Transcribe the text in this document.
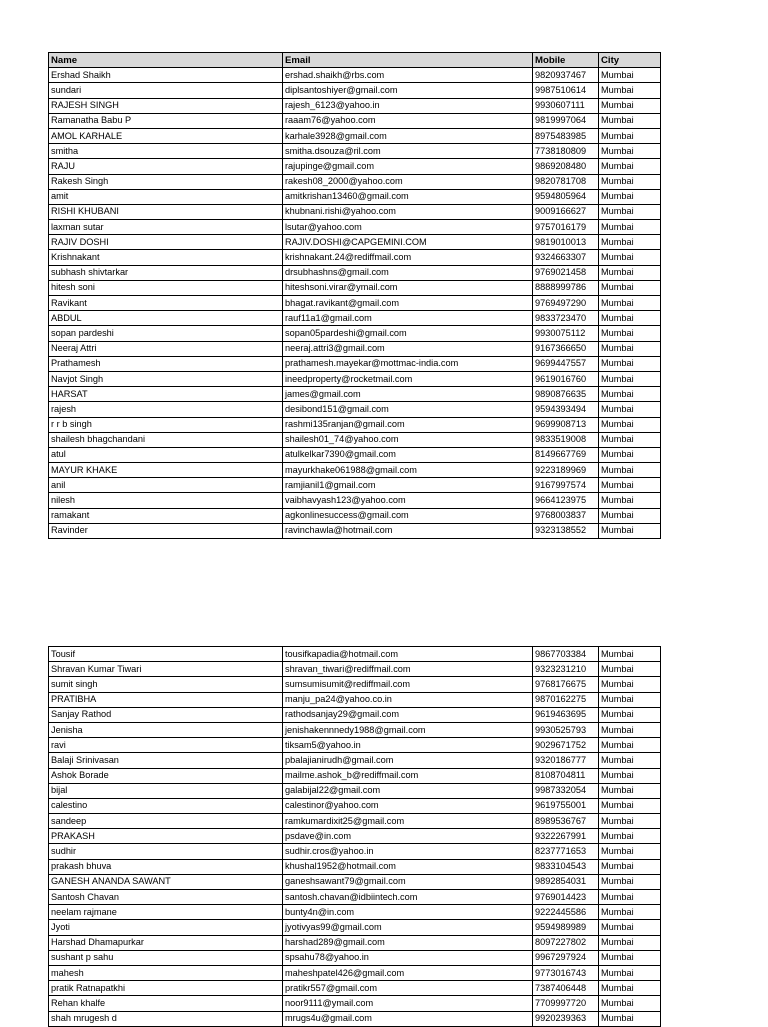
Name	Email	Mobile	City
Ershad Shaikh	ershad.shaikh@rbs.com	9820937467	Mumbai
sundari	diplsantoshiyer@gmail.com	9987510614	Mumbai
RAJESH SINGH	rajesh_6123@yahoo.in	9930607111	Mumbai
Ramanatha Babu P	raaam76@yahoo.com	9819997064	Mumbai
AMOL KARHALE	karhale3928@gmail.com	8975483985	Mumbai
smitha	smitha.dsouza@ril.com	7738180809	Mumbai
RAJU	rajupinge@gmail.com	9869208480	Mumbai
Rakesh Singh	rakesh08_2000@yahoo.com	9820781708	Mumbai
amit	amitkrishan13460@gmail.com	9594805964	Mumbai
RISHI KHUBANI	khubnani.rishi@yahoo.com	9009166627	Mumbai
laxman sutar	lsutar@yahoo.com	9757016179	Mumbai
RAJIV DOSHI	RAJIV.DOSHI@CAPGEMINI.COM	9819010013	Mumbai
Krishnakant	krishnakant.24@rediffmail.com	9324663307	Mumbai
subhash shivtarkar	drsubhashns@gmail.com	9769021458	Mumbai
hitesh soni	hiteshsoni.virar@ymail.com	8888999786	Mumbai
Ravikant	bhagat.ravikant@gmail.com	9769497290	Mumbai
ABDUL	rauf11a1@gmail.com	9833723470	Mumbai
sopan pardeshi	sopan05pardeshi@gmail.com	9930075112	Mumbai
Neeraj Attri	neeraj.attri3@gmail.com	9167366650	Mumbai
Prathamesh	prathamesh.mayekar@mottmac-india.com	9699447557	Mumbai
Navjot Singh	ineedproperty@rocketmail.com	9619016760	Mumbai
HARSAT	james@gmail.com	9890876635	Mumbai
rajesh	desibond151@gmail.com	9594393494	Mumbai
r r b singh	rashmi135ranjan@gmail.com	9699908713	Mumbai
shailesh bhagchandani	shailesh01_74@yahoo.com	9833519008	Mumbai
atul	atulkelkar7390@gmail.com	8149667769	Mumbai
MAYUR KHAKE	mayurkhake061988@gmail.com	9223189969	Mumbai
anil	ramjianil1@gmail.com	9167997574	Mumbai
nilesh	vaibhavyash123@yahoo.com	9664123975	Mumbai
ramakant	agkonlinesuccess@gmail.com	9768003837	Mumbai
Ravinder	ravinchawla@hotmail.com	9323138552	Mumbai
Tousif	tousifkapadia@hotmail.com	9867703384	Mumbai
Shravan Kumar Tiwari	shravan_tiwari@rediffmail.com	9323231210	Mumbai
sumit singh	sumsumisumit@rediffmail.com	9768176675	Mumbai
PRATIBHA	manju_pa24@yahoo.co.in	9870162275	Mumbai
Sanjay Rathod	rathodsanjay29@gmail.com	9619463695	Mumbai
Jenisha	jenishakennnedy1988@gmail.com	9930525793	Mumbai
ravi	tiksam5@yahoo.in	9029671752	Mumbai
Balaji Srinivasan	pbalajianirudh@gmail.com	9320186777	Mumbai
Ashok Borade	mailme.ashok_b@rediffmail.com	8108704811	Mumbai
bijal	galabijal22@gmail.com	9987332054	Mumbai
calestino	calestinor@yahoo.com	9619755001	Mumbai
sandeep	ramkumardixit25@gmail.com	8989536767	Mumbai
PRAKASH	psdave@in.com	9322267991	Mumbai
sudhir	sudhir.cros@yahoo.in	8237771653	Mumbai
prakash bhuva	khushal1952@hotmail.com	9833104543	Mumbai
GANESH ANANDA SAWANT	ganeshsawant79@gmail.com	9892854031	Mumbai
Santosh Chavan	santosh.chavan@idbiintech.com	9769014423	Mumbai
neelam rajmane	bunty4n@in.com	9222445586	Mumbai
Jyoti	jyotivyas99@gmail.com	9594989989	Mumbai
Harshad Dhamapurkar	harshad289@gmail.com	8097227802	Mumbai
sushant p sahu	spsahu78@yahoo.in	9967297924	Mumbai
mahesh	maheshpatel426@gmail.com	9773016743	Mumbai
pratik Ratnapatkhi	pratikr557@gmail.com	7387406448	Mumbai
Rehan khalfe	noor9111@ymail.com	7709997720	Mumbai
shah mrugesh d	mrugs4u@gmail.com	9920239363	Mumbai
